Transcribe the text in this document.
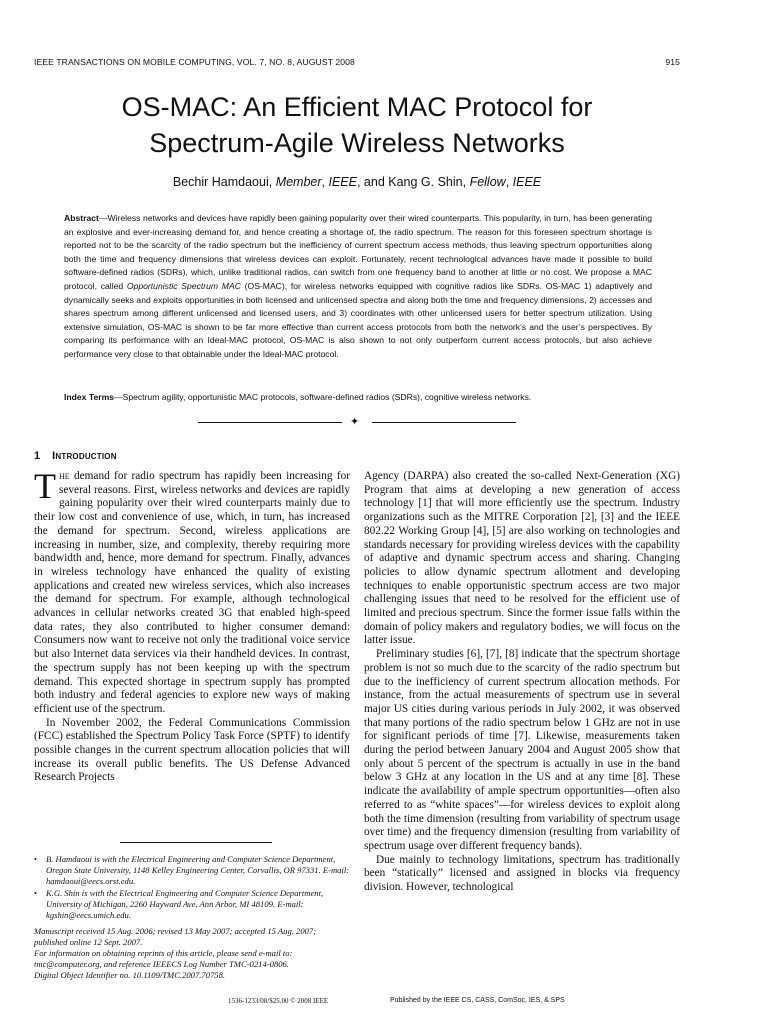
IEEE TRANSACTIONS ON MOBILE COMPUTING, VOL. 7, NO. 8, AUGUST 2008	915
OS-MAC: An Efficient MAC Protocol for
Spectrum-Agile Wireless Networks
Bechir Hamdaoui, Member, IEEE, and Kang G. Shin, Fellow, IEEE
Abstract—Wireless networks and devices have rapidly been gaining popularity over their wired counterparts. This popularity, in turn, has been generating an explosive and ever-increasing demand for, and hence creating a shortage of, the radio spectrum. The reason for this foreseen spectrum shortage is reported not to be the scarcity of the radio spectrum but the inefficiency of current spectrum access methods, thus leaving spectrum opportunities along both the time and frequency dimensions that wireless devices can exploit. Fortunately, recent technological advances have made it possible to build software-defined radios (SDRs), which, unlike traditional radios, can switch from one frequency band to another at little or no cost. We propose a MAC protocol, called Opportunistic Spectrum MAC (OS-MAC), for wireless networks equipped with cognitive radios like SDRs. OS-MAC 1) adaptively and dynamically seeks and exploits opportunities in both licensed and unlicensed spectra and along both the time and frequency dimensions, 2) accesses and shares spectrum among different unlicensed and licensed users, and 3) coordinates with other unlicensed users for better spectrum utilization. Using extensive simulation, OS-MAC is shown to be far more effective than current access protocols from both the network’s and the user’s perspectives. By comparing its performance with an Ideal-MAC protocol, OS-MAC is also shown to not only outperform current access protocols, but also achieve performance very close to that obtainable under the Ideal-MAC protocol.
Index Terms—Spectrum agility, opportunistic MAC protocols, software-defined radios (SDRs), cognitive wireless networks.
✦
1 Introduction

The demand for radio spectrum has rapidly been increasing for several reasons. First, wireless networks and devices are rapidly gaining popularity over their wired counterparts mainly due to their low cost and convenience of use, which, in turn, has increased the demand for spectrum. Second, wireless applications are increasing in number, size, and complexity, thereby requiring more bandwidth and, hence, more demand for spectrum. Finally, advances in wireless technology have enhanced the quality of existing applications and created new wireless services, which also increases the demand for spectrum. For example, although technological advances in cellular networks created 3G that enabled high-speed data rates, they also contributed to higher consumer demand: Consumers now want to receive not only the traditional voice service but also Internet data services via their handheld devices. In contrast, the spectrum supply has not been keeping up with the spectrum demand. This expected shortage in spectrum supply has prompted both industry and federal agencies to explore new ways of making efficient use of the spectrum.

In November 2002, the Federal Communications Commission (FCC) established the Spectrum Policy Task Force (SPTF) to identify possible changes in the current spectrum allocation policies that will increase its overall public benefits. The US Defense Advanced Research Projects

Agency (DARPA) also created the so-called Next-Generation (XG) Program that aims at developing a new generation of access technology [1] that will more efficiently use the spectrum. Industry organizations such as the MITRE Corporation [2], [3] and the IEEE 802.22 Working Group [4], [5] are also working on technologies and standards necessary for providing wireless devices with the capability of adaptive and dynamic spectrum access and sharing. Changing policies to allow dynamic spectrum allotment and developing techniques to enable opportunistic spectrum access are two major challenging issues that need to be resolved for the efficient use of limited and precious spectrum. Since the former issue falls within the domain of policy makers and regulatory bodies, we will focus on the latter issue.

Preliminary studies [6], [7], [8] indicate that the spectrum shortage problem is not so much due to the scarcity of the radio spectrum but due to the inefficiency of current spectrum allocation methods. For instance, from the actual measurements of spectrum use in several major US cities during various periods in July 2002, it was observed that many portions of the radio spectrum below 1 GHz are not in use for significant periods of time [7]. Likewise, measurements taken during the period between January 2004 and August 2005 show that only about 5 percent of the spectrum is actually in use in the band below 3 GHz at any location in the US and at any time [8]. These indicate the availability of ample spectrum opportunities—often also referred to as “white spaces”—for wireless devices to exploit along both the time dimension (resulting from variability of spectrum usage over time) and the frequency dimension (resulting from variability of spectrum usage over different frequency bands).

Due mainly to technology limitations, spectrum has traditionally been “statically” licensed and assigned in blocks via frequency division. However, technological

• B. Hamdaoui is with the Electrical Engineering and Computer Science Department, Oregon State University, 1148 Kelley Engineering Center, Corvallis, OR 97331. E-mail: hamdaoui@eecs.orst.edu.
• K.G. Shin is with the Electrical Engineering and Computer Science Department, University of Michigan, 2260 Hayward Ave, Ann Arbor, MI 48109. E-mail: kgshin@eecs.umich.edu.
Manuscript received 15 Aug. 2006; revised 13 May 2007; accepted 15 Aug. 2007; published online 12 Sept. 2007.
For information on obtaining reprints of this article, please send e-mail to: tmc@computer.org, and reference IEEECS Log Number TMC-0214-0806.
Digital Object Identifier no. 10.1109/TMC.2007.70758.
1536-1233/08/$25.00 © 2008 IEEE	Published by the IEEE CS, CASS, ComSoc, IES, & SPS
